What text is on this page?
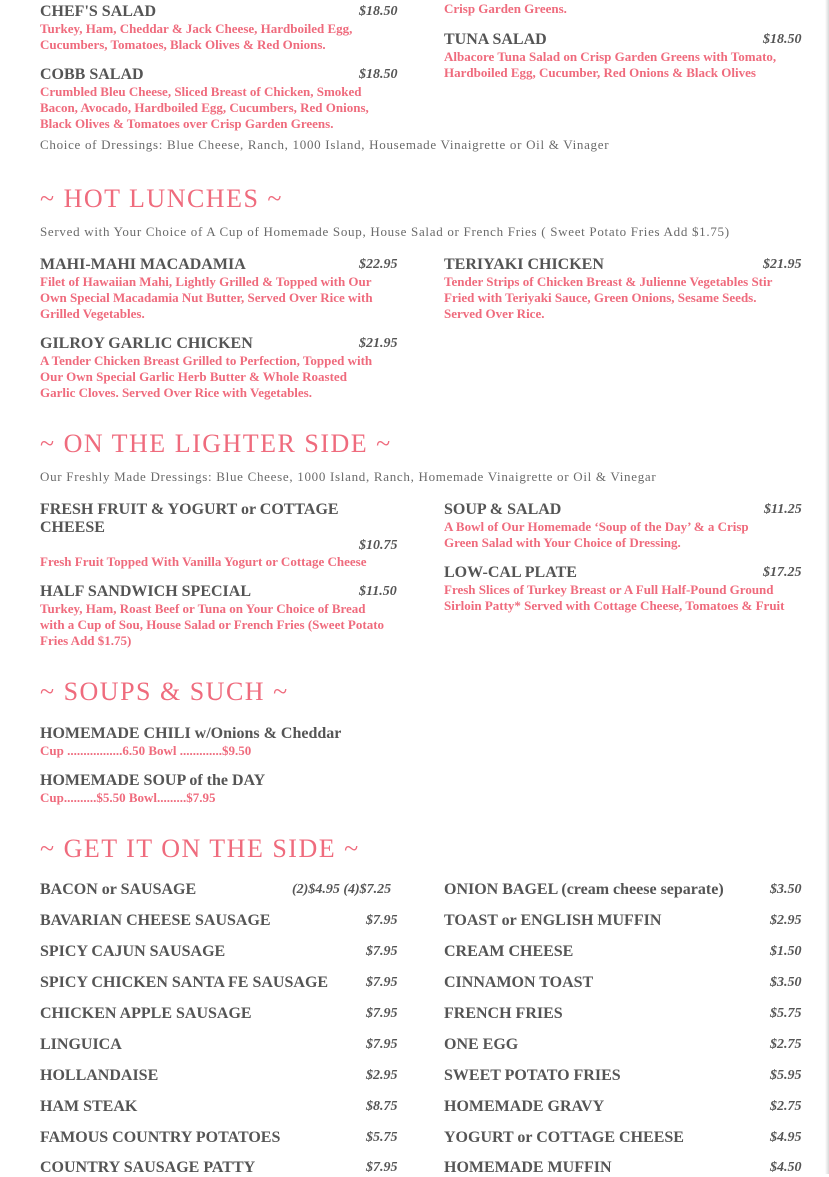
Crisp Garden Greens.
CHEF'S SALAD	$18.50
Turkey, Ham, Cheddar & Jack Cheese, Hardboiled Egg, Cucumbers, Tomatoes, Black Olives & Red Onions.
COBB SALAD	$18.50
Crumbled Bleu Cheese, Sliced Breast of Chicken, Smoked Bacon, Avocado, Hardboiled Egg, Cucumbers, Red Onions, Black Olives & Tomatoes over Crisp Garden Greens.
TUNA SALAD	$18.50
Albacore Tuna Salad on Crisp Garden Greens with Tomato, Hardboiled Egg, Cucumber, Red Onions & Black Olives
Choice of Dressings: Blue Cheese, Ranch, 1000 Island, Housemade Vinaigrette or Oil & Vinager
~ HOT LUNCHES ~
Served with Your Choice of A Cup of Homemade Soup, House Salad or French Fries ( Sweet Potato Fries Add $1.75)
MAHI-MAHI MACADAMIA	$22.95
Filet of Hawaiian Mahi, Lightly Grilled & Topped with Our Own Special Macadamia Nut Butter, Served Over Rice with Grilled Vegetables.
TERIYAKI CHICKEN	$21.95
Tender Strips of Chicken Breast & Julienne Vegetables Stir Fried with Teriyaki Sauce, Green Onions, Sesame Seeds. Served Over Rice.
GILROY GARLIC CHICKEN	$21.95
A Tender Chicken Breast Grilled to Perfection, Topped with Our Own Special Garlic Herb Butter & Whole Roasted Garlic Cloves. Served Over Rice with Vegetables.
~ ON THE LIGHTER SIDE ~
Our Freshly Made Dressings: Blue Cheese, 1000 Island, Ranch, Homemade Vinaigrette or Oil & Vinegar
FRESH FRUIT & YOGURT or COTTAGE CHEESE
$10.75
Fresh Fruit Topped With Vanilla Yogurt or Cottage Cheese
SOUP & SALAD	$11.25
A Bowl of Our Homemade ‘Soup of the Day’ & a Crisp Green Salad with Your Choice of Dressing.
HALF SANDWICH SPECIAL	$11.50
Turkey, Ham, Roast Beef or Tuna on Your Choice of Bread with a Cup of Sou, House Salad or French Fries (Sweet Potato Fries Add $1.75)
LOW-CAL PLATE	$17.25
Fresh Slices of Turkey Breast or A Full Half-Pound Ground Sirloin Patty* Served with Cottage Cheese, Tomatoes & Fruit
~ SOUPS & SUCH ~
HOMEMADE CHILI w/Onions & Cheddar
Cup .................6.50 Bowl .............$9.50
HOMEMADE SOUP of the DAY
Cup..........$5.50 Bowl.........$7.95
~ GET IT ON THE SIDE ~
BACON or SAUSAGE	(2)$4.95 (4)$7.25
BAVARIAN CHEESE SAUSAGE	$7.95
SPICY CAJUN SAUSAGE	$7.95
SPICY CHICKEN SANTA FE SAUSAGE	$7.95
CHICKEN APPLE SAUSAGE	$7.95
LINGUICA	$7.95
HOLLANDAISE	$2.95
HAM STEAK	$8.75
FAMOUS COUNTRY POTATOES	$5.75
COUNTRY SAUSAGE PATTY	$7.95
ONION BAGEL (cream cheese separate)	$3.50
TOAST or ENGLISH MUFFIN	$2.95
CREAM CHEESE	$1.50
CINNAMON TOAST	$3.50
FRENCH FRIES	$5.75
ONE EGG	$2.75
SWEET POTATO FRIES	$5.95
HOMEMADE GRAVY	$2.75
YOGURT or COTTAGE CHEESE	$4.95
HOMEMADE MUFFIN	$4.50
